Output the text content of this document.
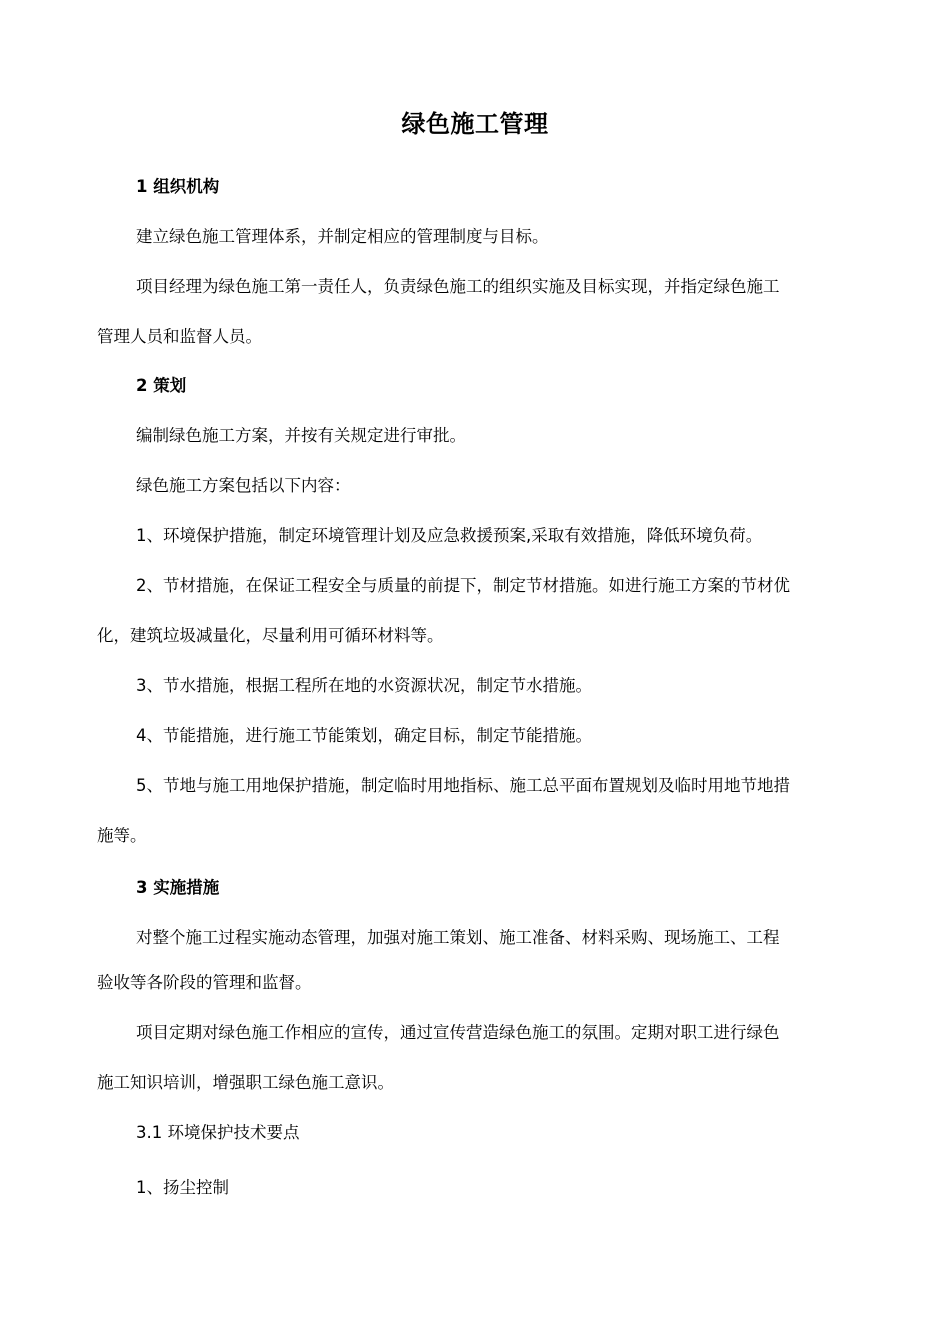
绿色施工管理
1 组织机构
建立绿色施工管理体系，并制定相应的管理制度与目标。
项目经理为绿色施工第一责任人，负责绿色施工的组织实施及目标实现，并指定绿色施工
管理人员和监督人员。
2 策划
编制绿色施工方案，并按有关规定进行审批。
绿色施工方案包括以下内容：
1、环境保护措施，制定环境管理计划及应急救援预案,采取有效措施，降低环境负荷。
2、节材措施，在保证工程安全与质量的前提下，制定节材措施。如进行施工方案的节材优
化，建筑垃圾减量化，尽量利用可循环材料等。
3、节水措施，根据工程所在地的水资源状况，制定节水措施。
4、节能措施，进行施工节能策划，确定目标，制定节能措施。
5、节地与施工用地保护措施，制定临时用地指标、施工总平面布置规划及临时用地节地措
施等。
3 实施措施
对整个施工过程实施动态管理，加强对施工策划、施工准备、材料采购、现场施工、工程
验收等各阶段的管理和监督。
项目定期对绿色施工作相应的宣传，通过宣传营造绿色施工的氛围。定期对职工进行绿色
施工知识培训，增强职工绿色施工意识。
3.1 环境保护技术要点
1、扬尘控制
